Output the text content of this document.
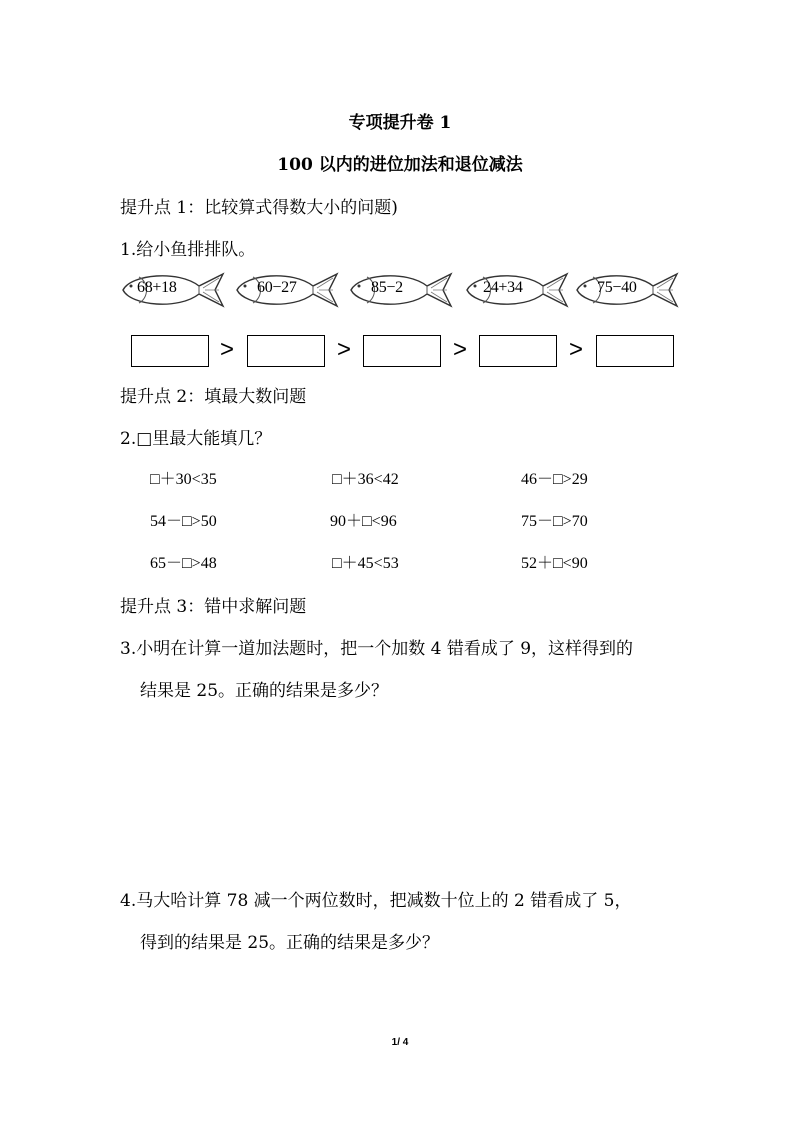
专项提升卷 1
100 以内的进位加法和退位减法
提升点 1：比较算式得数大小的问题)
1.给小鱼排排队。
68+18	60−27	85−2	24+34	75−40
>	>	>	>
提升点 2：填最大数问题
2.□里最大能填几？
□＋30<35	□＋36<42	46－□>29
54－□>50	90＋□<96	75－□>70
65－□>48	□＋45<53	52＋□<90
提升点 3：错中求解问题
3.小明在计算一道加法题时，把一个加数 4 错看成了 9，这样得到的
结果是 25。正确的结果是多少？
4.马大哈计算 78 减一个两位数时，把减数十位上的 2 错看成了 5，
得到的结果是 25。正确的结果是多少？
1/ 4
